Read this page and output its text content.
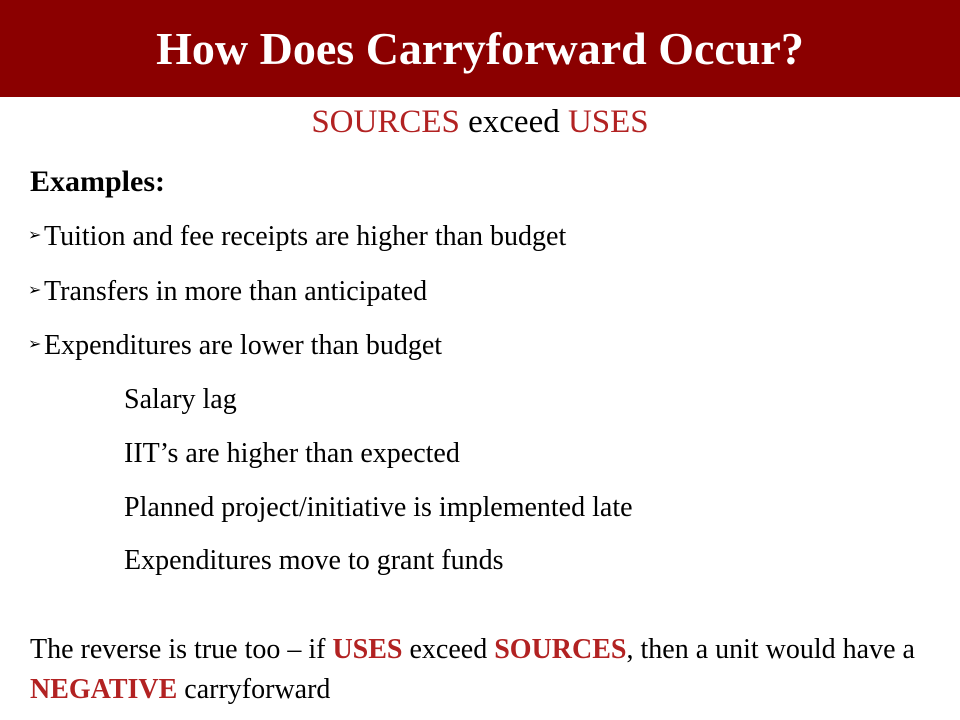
How Does Carryforward Occur?
SOURCES exceed USES
Examples:
➢Tuition and fee receipts are higher than budget
➢Transfers in more than anticipated
➢Expenditures are lower than budget
Salary lag
IIT’s are higher than expected
Planned project/initiative is implemented late
Expenditures move to grant funds
The reverse is true too – if USES exceed SOURCES, then a unit would have a NEGATIVE carryforward
